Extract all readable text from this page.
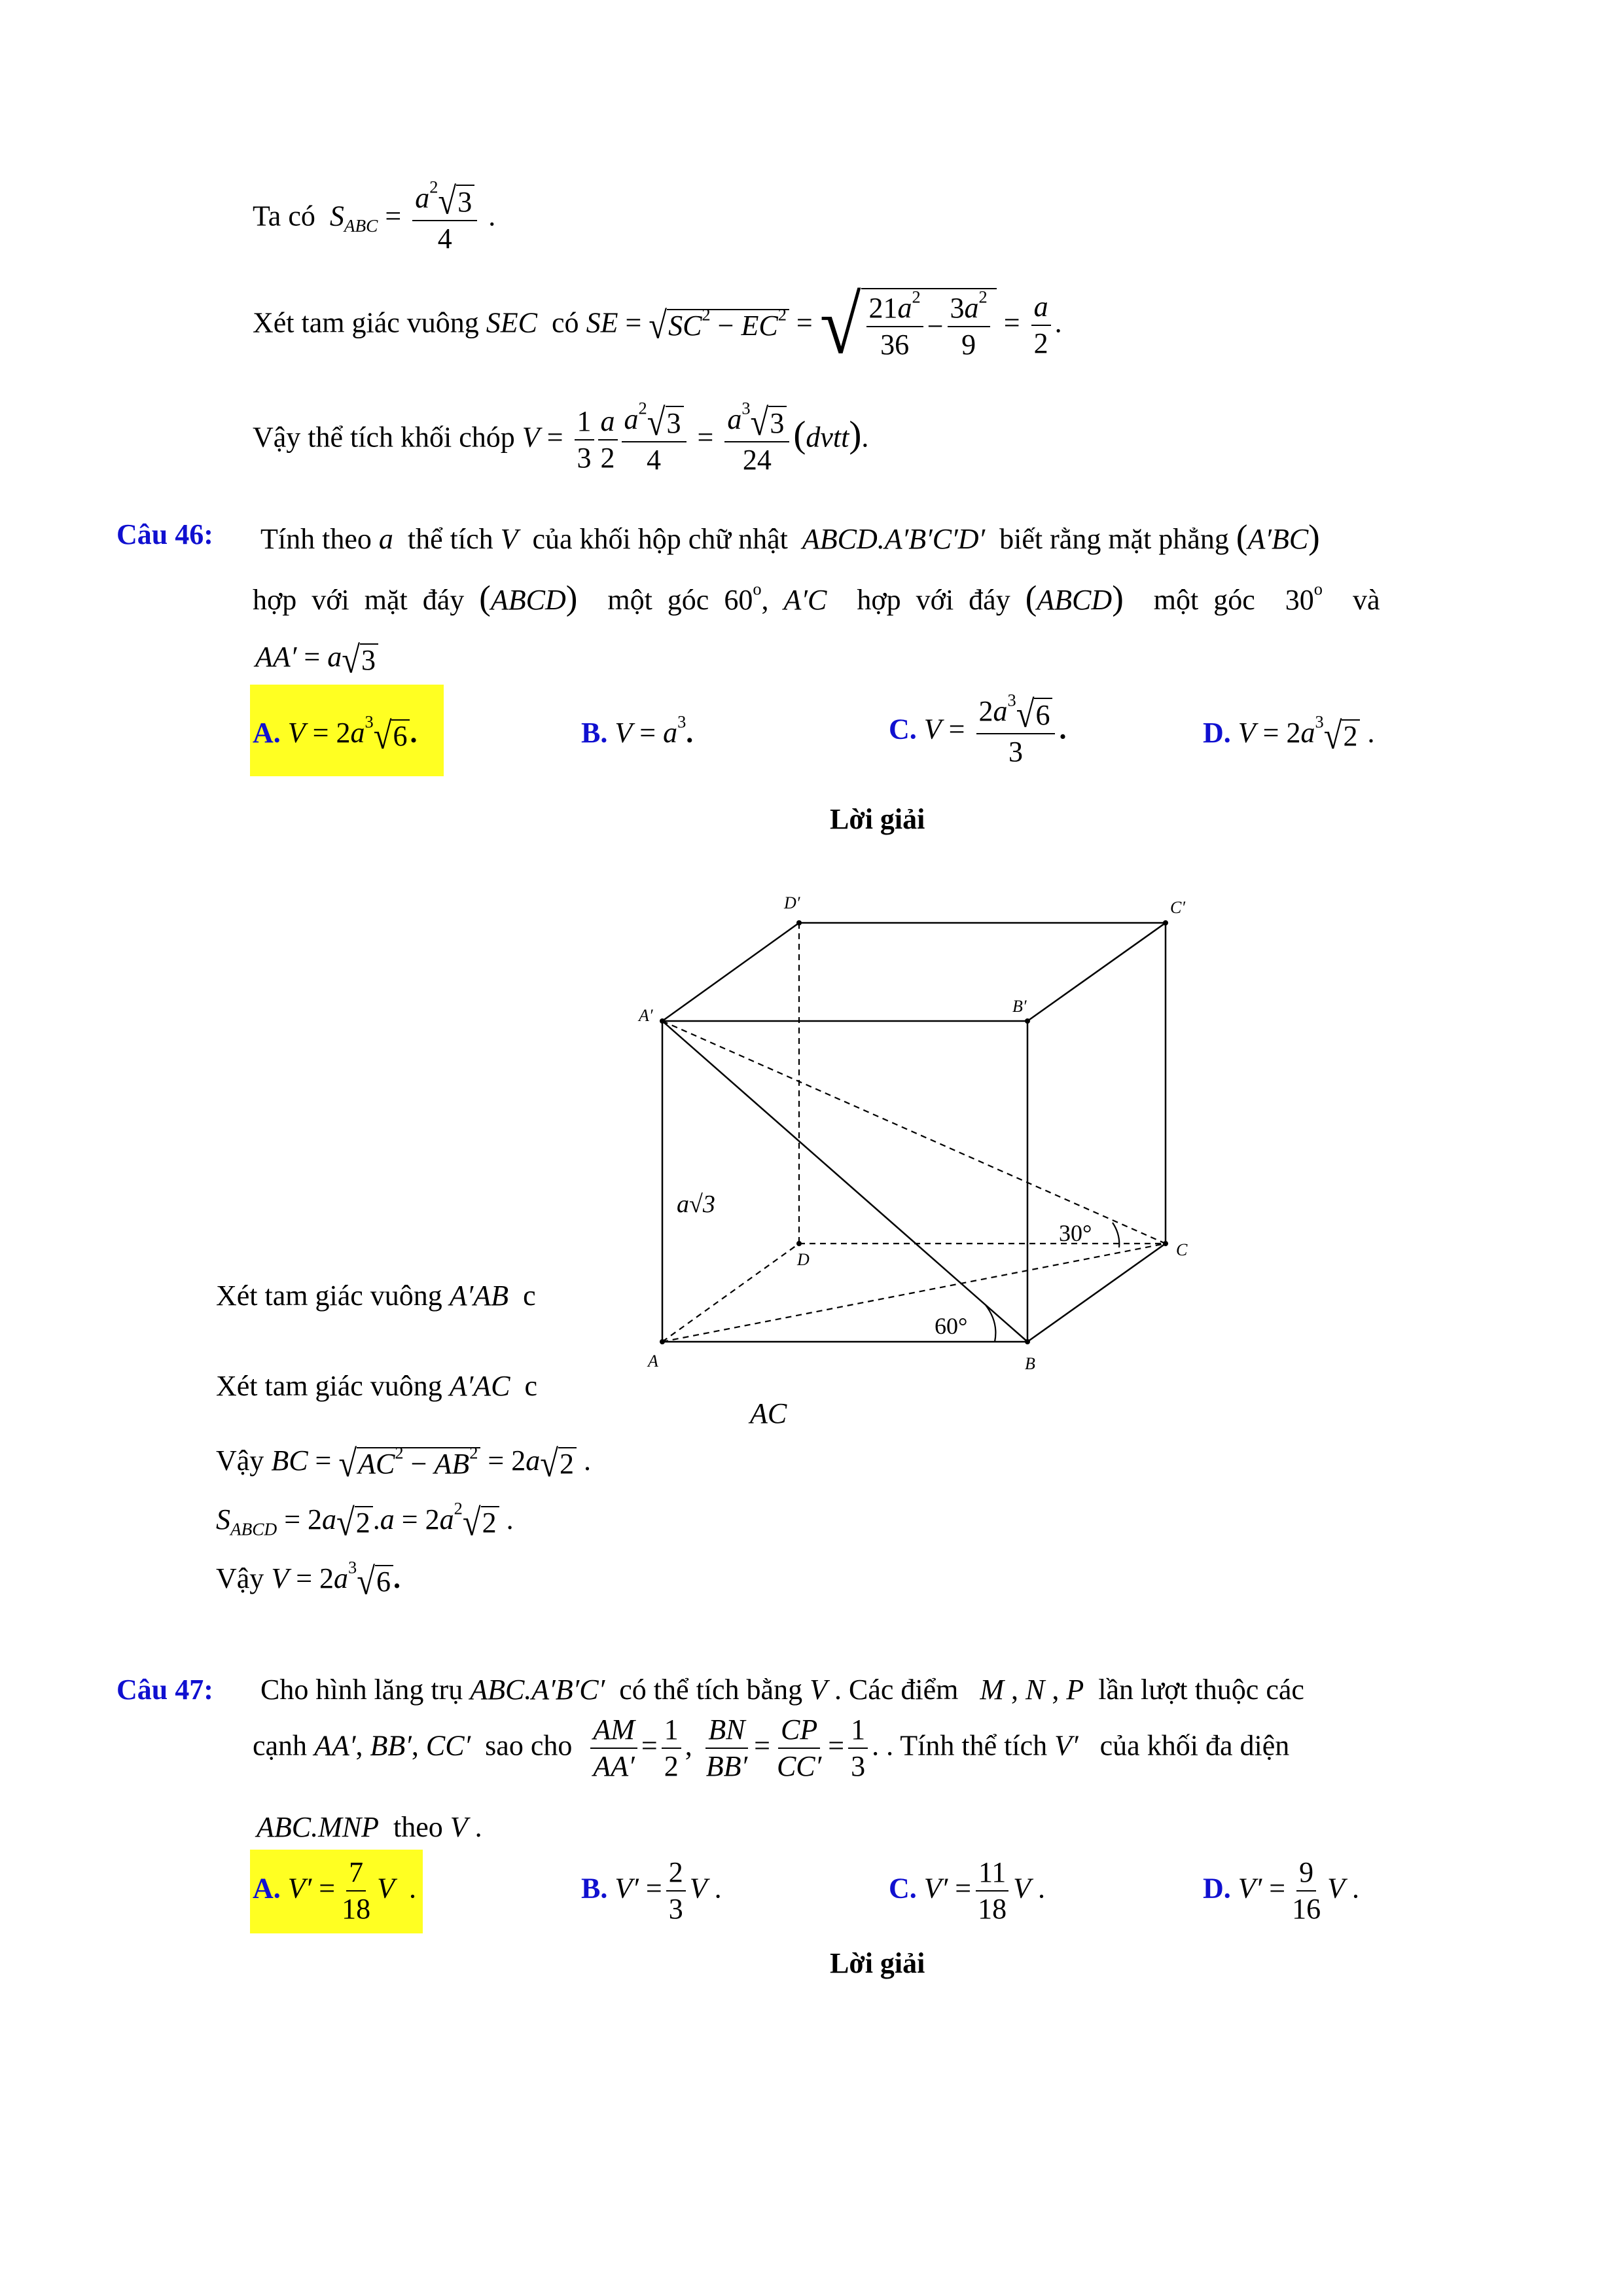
Ta có $S_{ABC} = \frac{a^2 √ 3}{4}$ .
Xét tam giác vuông SEC có SE = √ $SC^2 - EC^2$ = √ $\frac{21a^2}{36} - \frac{3a^2}{9} = \frac{a}{2}$ .
Vậy thể tích khối chóp $V = \frac{1}{3} \frac{a}{2} \frac{a^2 √ 3}{4} = \frac{a^3 √ 3}{24}$ (dvtt).
Câu 46: Tính theo a thể tích V của khối hộp chữ nhật ABCD.A′B′C′D′ biết rằng mặt phẳng (A′BC)
hợp với mặt đáy (ABCD) một góc 60$^o$, A′C hợp với đáy (ABCD) một góc  30$^o$ và
AA′ = a √ 3
A. $V = 2a^3$ √ 6 .	B. $V = a^3$.	C. $V = \frac{2a^3 √ 6}{3}$ .	D. $V = 2a^3$ √ 2 .
Lời giải
D′	C′
A′	B′
D
C
A	B
a√3
30°
60°
Xét tam giác vuông A′AB c
Xét tam giác vuông A′AC c
AC
Vậy BC = √ $AC^2 - AB^2 = 2a$ √ 2 .
$S_{ABCD} = 2a$ √ 2 $.a = 2a^2$ √ 2 .
Vậy $V = 2a^3$ √ 6 .
Câu 47: Cho hình lăng trụ ABC.A′B′C′ có thể tích bằng V . Các điểm M , N , P lần lượt thuộc các
cạnh AA′, BB′, CC′ sao cho $\frac{AM}{AA'} = \frac{1}{2}$ , $\frac{BN}{BB'} = \frac{CP}{CC'} = \frac{1}{3}$ . . Tính thể tích V′ của khối đa diện
ABC.MNP theo V .
A. $V' = \frac{7}{18}$ V  .	B. $V' = \frac{2}{3}$ V .	C. $V' = \frac{11}{18}$ V .	D. $V' = \frac{9}{16}$ V .
Lời giải
